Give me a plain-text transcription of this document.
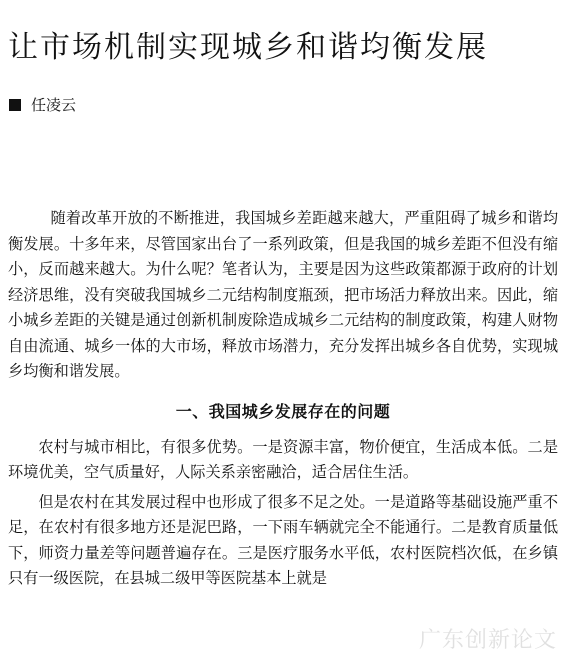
让市场机制实现城乡和谐均衡发展
任凌云

随着改革开放的不断推进，我国城乡差距越来越大，严重阻碍了城乡和谐均衡发展。十多年来，尽管国家出台了一系列政策，但是我国的城乡差距不但没有缩小，反而越来越大。为什么呢？笔者认为，主要是因为这些政策都源于政府的计划经济思维，没有突破我国城乡二元结构制度瓶颈，把市场活力释放出来。因此，缩小城乡差距的关键是通过创新机制废除造成城乡二元结构的制度政策，构建人财物自由流通、城乡一体的大市场，释放市场潜力，充分发挥出城乡各自优势，实现城乡均衡和谐发展。

一、我国城乡发展存在的问题

农村与城市相比，有很多优势。一是资源丰富，物价便宜，生活成本低。二是环境优美，空气质量好，人际关系亲密融洽，适合居住生活。

但是农村在其发展过程中也形成了很多不足之处。一是道路等基础设施严重不足，在农村有很多地方还是泥巴路，一下雨车辆就完全不能通行。二是教育质量低下，师资力量差等问题普遍存在。三是医疗服务水平低，农村医院档次低，在乡镇只有一级医院，在县城二级甲等医院基本上就是

广东创新论文
